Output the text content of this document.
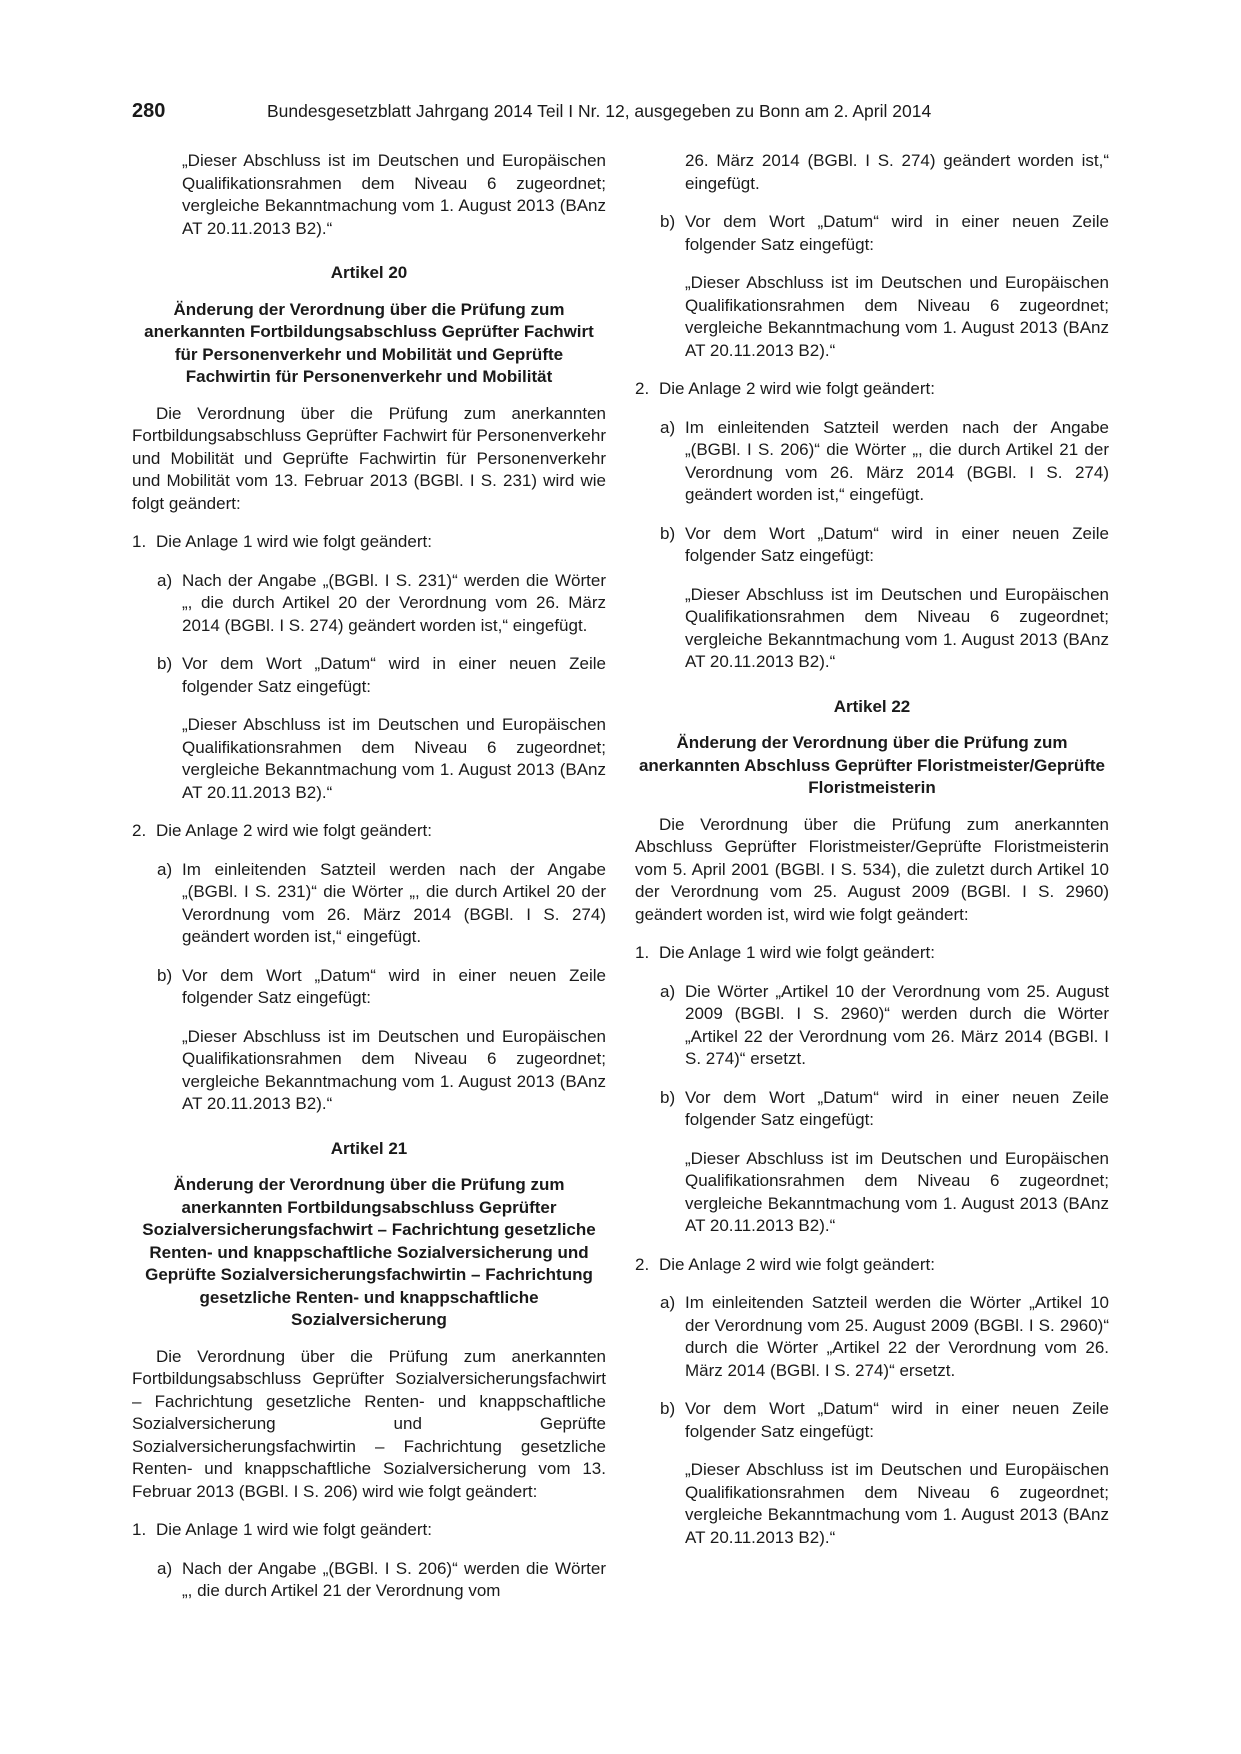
280	Bundesgesetzblatt Jahrgang 2014 Teil I Nr. 12, ausgegeben zu Bonn am 2. April 2014

„Dieser Abschluss ist im Deutschen und Europäischen Qualifikationsrahmen dem Niveau 6 zugeordnet; vergleiche Bekanntmachung vom 1. August 2013 (BAnz AT 20.11.2013 B2).“

Artikel 20

Änderung der Verordnung über die Prüfung zum anerkannten Fortbildungsabschluss Geprüfter Fachwirt für Personenverkehr und Mobilität und Geprüfte Fachwirtin für Personenverkehr und Mobilität

Die Verordnung über die Prüfung zum anerkannten Fortbildungsabschluss Geprüfter Fachwirt für Personenverkehr und Mobilität und Geprüfte Fachwirtin für Personenverkehr und Mobilität vom 13. Februar 2013 (BGBl. I S. 231) wird wie folgt geändert:

1. Die Anlage 1 wird wie folgt geändert:
a) Nach der Angabe „(BGBl. I S. 231)“ werden die Wörter „, die durch Artikel 20 der Verordnung vom 26. März 2014 (BGBl. I S. 274) geändert worden ist,“ eingefügt.
b) Vor dem Wort „Datum“ wird in einer neuen Zeile folgender Satz eingefügt:

„Dieser Abschluss ist im Deutschen und Europäischen Qualifikationsrahmen dem Niveau 6 zugeordnet; vergleiche Bekanntmachung vom 1. August 2013 (BAnz AT 20.11.2013 B2).“

2. Die Anlage 2 wird wie folgt geändert:
a) Im einleitenden Satzteil werden nach der Angabe „(BGBl. I S. 231)“ die Wörter „, die durch Artikel 20 der Verordnung vom 26. März 2014 (BGBl. I S. 274) geändert worden ist,“ eingefügt.
b) Vor dem Wort „Datum“ wird in einer neuen Zeile folgender Satz eingefügt:

„Dieser Abschluss ist im Deutschen und Europäischen Qualifikationsrahmen dem Niveau 6 zugeordnet; vergleiche Bekanntmachung vom 1. August 2013 (BAnz AT 20.11.2013 B2).“

Artikel 21

Änderung der Verordnung über die Prüfung zum anerkannten Fortbildungsabschluss Geprüfter Sozialversicherungsfachwirt – Fachrichtung gesetzliche Renten- und knappschaftliche Sozialversicherung und Geprüfte Sozialversicherungsfachwirtin – Fachrichtung gesetzliche Renten- und knappschaftliche Sozialversicherung

Die Verordnung über die Prüfung zum anerkannten Fortbildungsabschluss Geprüfter Sozialversicherungsfachwirt – Fachrichtung gesetzliche Renten- und knappschaftliche Sozialversicherung und Geprüfte Sozialversicherungsfachwirtin – Fachrichtung gesetzliche Renten- und knappschaftliche Sozialversicherung vom 13. Februar 2013 (BGBl. I S. 206) wird wie folgt geändert:

1. Die Anlage 1 wird wie folgt geändert:
a) Nach der Angabe „(BGBl. I S. 206)“ werden die Wörter „, die durch Artikel 21 der Verordnung vom

26. März 2014 (BGBl. I S. 274) geändert worden ist,“ eingefügt.

b) Vor dem Wort „Datum“ wird in einer neuen Zeile folgender Satz eingefügt:

„Dieser Abschluss ist im Deutschen und Europäischen Qualifikationsrahmen dem Niveau 6 zugeordnet; vergleiche Bekanntmachung vom 1. August 2013 (BAnz AT 20.11.2013 B2).“

2. Die Anlage 2 wird wie folgt geändert:
a) Im einleitenden Satzteil werden nach der Angabe „(BGBl. I S. 206)“ die Wörter „, die durch Artikel 21 der Verordnung vom 26. März 2014 (BGBl. I S. 274) geändert worden ist,“ eingefügt.
b) Vor dem Wort „Datum“ wird in einer neuen Zeile folgender Satz eingefügt:

„Dieser Abschluss ist im Deutschen und Europäischen Qualifikationsrahmen dem Niveau 6 zugeordnet; vergleiche Bekanntmachung vom 1. August 2013 (BAnz AT 20.11.2013 B2).“

Artikel 22

Änderung der Verordnung über die Prüfung zum anerkannten Abschluss Geprüfter Floristmeister/Geprüfte Floristmeisterin

Die Verordnung über die Prüfung zum anerkannten Abschluss Geprüfter Floristmeister/Geprüfte Floristmeisterin vom 5. April 2001 (BGBl. I S. 534), die zuletzt durch Artikel 10 der Verordnung vom 25. August 2009 (BGBl. I S. 2960) geändert worden ist, wird wie folgt geändert:

1. Die Anlage 1 wird wie folgt geändert:
a) Die Wörter „Artikel 10 der Verordnung vom 25. August 2009 (BGBl. I S. 2960)“ werden durch die Wörter „Artikel 22 der Verordnung vom 26. März 2014 (BGBl. I S. 274)“ ersetzt.
b) Vor dem Wort „Datum“ wird in einer neuen Zeile folgender Satz eingefügt:

„Dieser Abschluss ist im Deutschen und Europäischen Qualifikationsrahmen dem Niveau 6 zugeordnet; vergleiche Bekanntmachung vom 1. August 2013 (BAnz AT 20.11.2013 B2).“

2. Die Anlage 2 wird wie folgt geändert:
a) Im einleitenden Satzteil werden die Wörter „Artikel 10 der Verordnung vom 25. August 2009 (BGBl. I S. 2960)“ durch die Wörter „Artikel 22 der Verordnung vom 26. März 2014 (BGBl. I S. 274)“ ersetzt.
b) Vor dem Wort „Datum“ wird in einer neuen Zeile folgender Satz eingefügt:

„Dieser Abschluss ist im Deutschen und Europäischen Qualifikationsrahmen dem Niveau 6 zugeordnet; vergleiche Bekanntmachung vom 1. August 2013 (BAnz AT 20.11.2013 B2).“
